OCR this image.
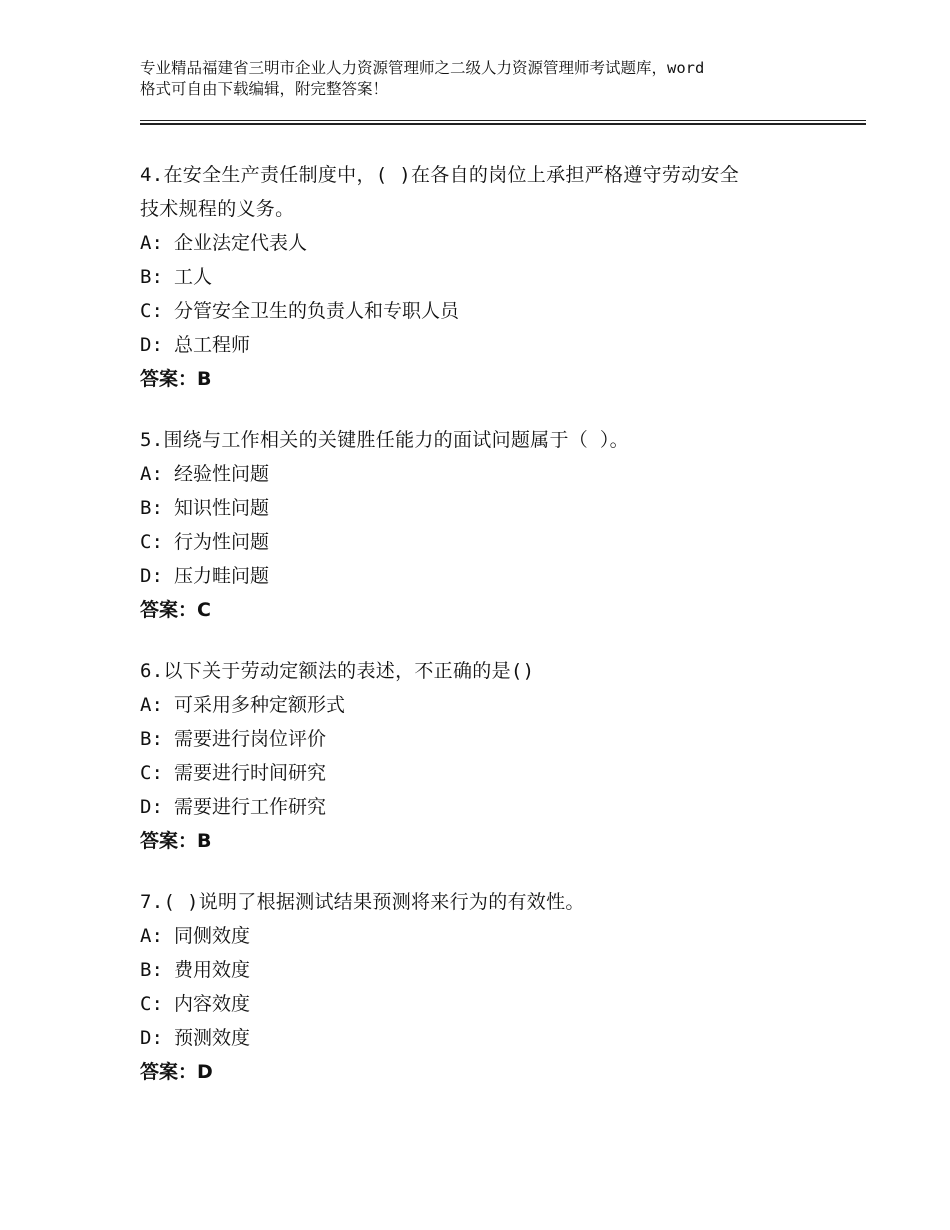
专业精品福建省三明市企业人力资源管理师之二级人力资源管理师考试题库，word
格式可自由下载编辑，附完整答案！
4.在安全生产责任制度中，( )在各自的岗位上承担严格遵守劳动安全
技术规程的义务。
A: 企业法定代表人
B: 工人
C: 分管安全卫生的负责人和专职人员
D: 总工程师
答案：B
5.围绕与工作相关的关键胜任能力的面试问题属于（ ）。
A: 经验性问题
B: 知识性问题
C: 行为性问题
D: 压力畦问题
答案：C
6.以下关于劳动定额法的表述，不正确的是()
A: 可采用多种定额形式
B: 需要进行岗位评价
C: 需要进行时间研究
D: 需要进行工作研究
答案：B
7.( )说明了根据测试结果预测将来行为的有效性。
A: 同侧效度
B: 费用效度
C: 内容效度
D: 预测效度
答案：D
